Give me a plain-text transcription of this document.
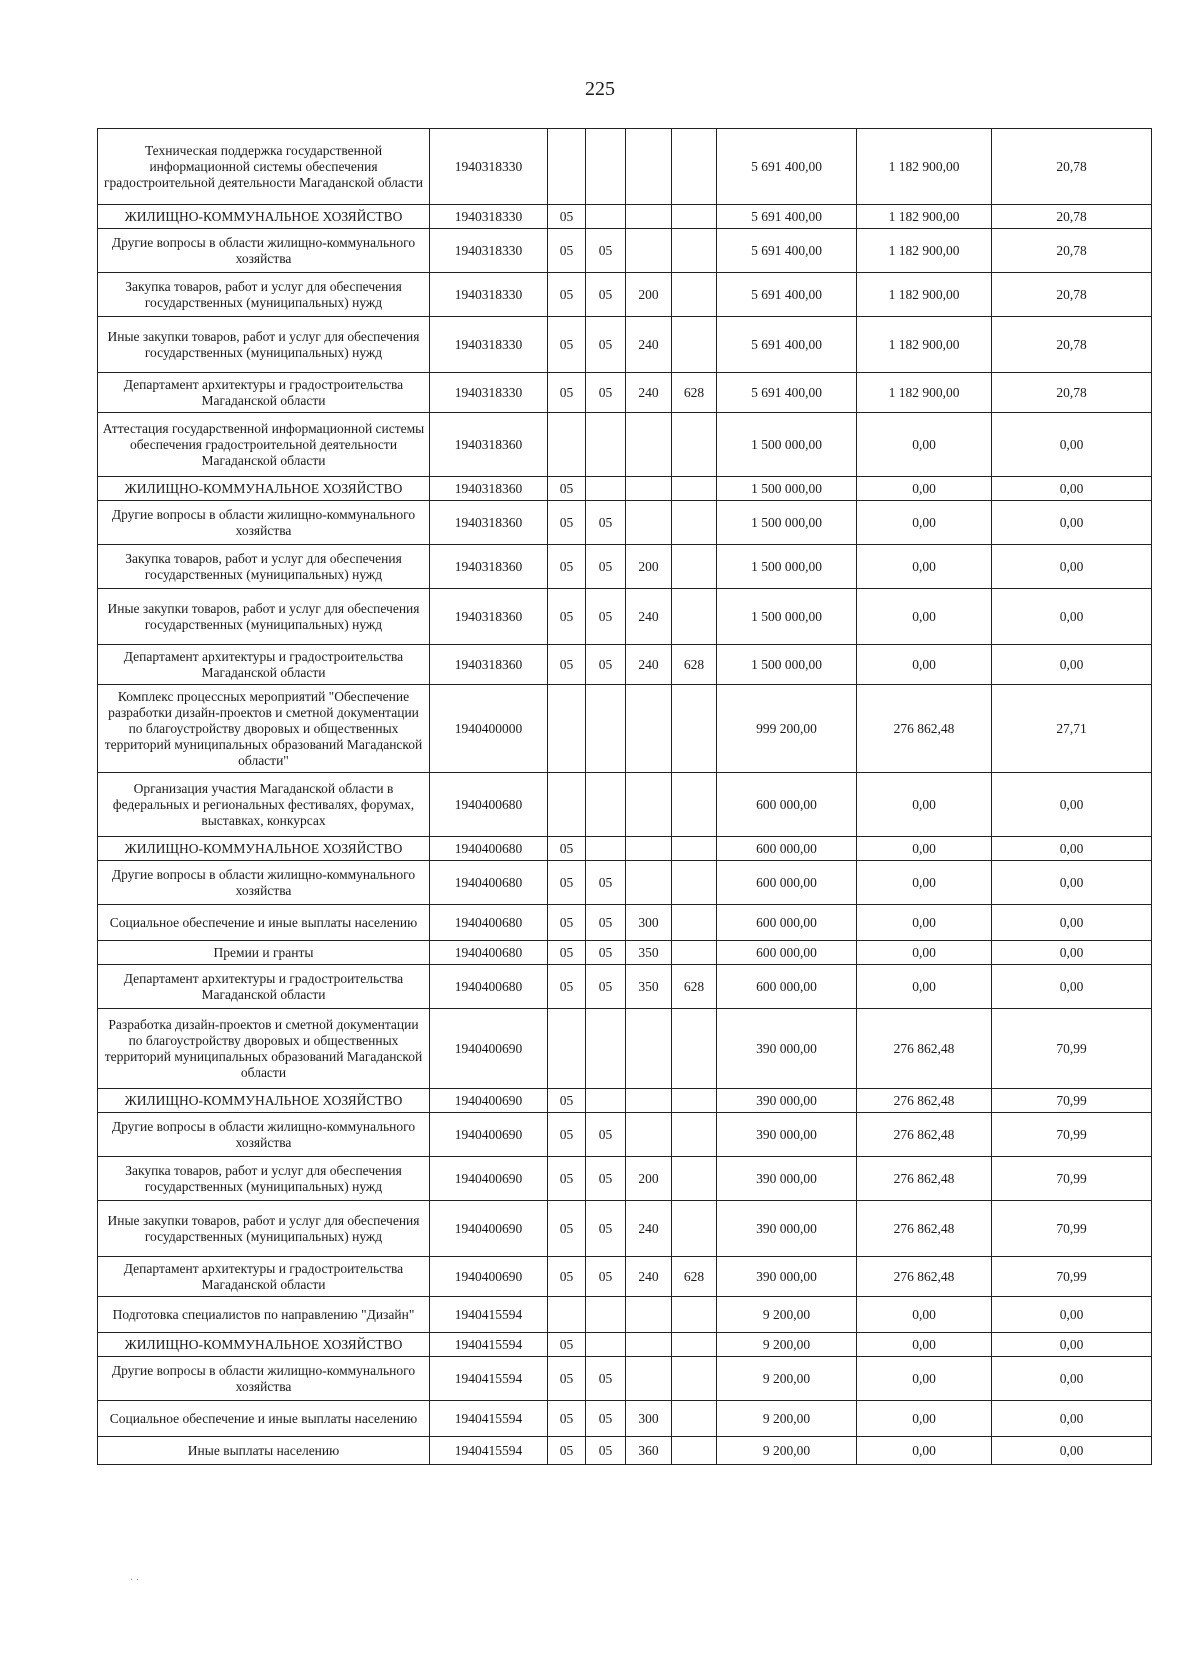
225
Техническая поддержка государственной информационной системы обеспечения градостроительной деятельности Магаданской области	1940318330					5 691 400,00	1 182 900,00	20,78
ЖИЛИЩНО-КОММУНАЛЬНОЕ ХОЗЯЙСТВО	1940318330	05				5 691 400,00	1 182 900,00	20,78
Другие вопросы в области жилищно-коммунального хозяйства	1940318330	05	05			5 691 400,00	1 182 900,00	20,78
Закупка товаров, работ и услуг для обеспечения государственных (муниципальных) нужд	1940318330	05	05	200		5 691 400,00	1 182 900,00	20,78
Иные закупки товаров, работ и услуг для обеспечения государственных (муниципальных) нужд	1940318330	05	05	240		5 691 400,00	1 182 900,00	20,78
Департамент архитектуры и градостроительства Магаданской области	1940318330	05	05	240	628	5 691 400,00	1 182 900,00	20,78
Аттестация государственной информационной системы обеспечения градостроительной деятельности Магаданской области	1940318360					1 500 000,00	0,00	0,00
ЖИЛИЩНО-КОММУНАЛЬНОЕ ХОЗЯЙСТВО	1940318360	05				1 500 000,00	0,00	0,00
Другие вопросы в области жилищно-коммунального хозяйства	1940318360	05	05			1 500 000,00	0,00	0,00
Закупка товаров, работ и услуг для обеспечения государственных (муниципальных) нужд	1940318360	05	05	200		1 500 000,00	0,00	0,00
Иные закупки товаров, работ и услуг для обеспечения государственных (муниципальных) нужд	1940318360	05	05	240		1 500 000,00	0,00	0,00
Департамент архитектуры и градостроительства Магаданской области	1940318360	05	05	240	628	1 500 000,00	0,00	0,00
Комплекс процессных мероприятий "Обеспечение разработки дизайн-проектов и сметной документации по благоустройству дворовых и общественных территорий муниципальных образований Магаданской области"	1940400000					999 200,00	276 862,48	27,71
Организация участия Магаданской области в федеральных и региональных фестивалях, форумах, выставках, конкурсах	1940400680					600 000,00	0,00	0,00
ЖИЛИЩНО-КОММУНАЛЬНОЕ ХОЗЯЙСТВО	1940400680	05				600 000,00	0,00	0,00
Другие вопросы в области жилищно-коммунального хозяйства	1940400680	05	05			600 000,00	0,00	0,00
Социальное обеспечение и иные выплаты населению	1940400680	05	05	300		600 000,00	0,00	0,00
Премии и гранты	1940400680	05	05	350		600 000,00	0,00	0,00
Департамент архитектуры и градостроительства Магаданской области	1940400680	05	05	350	628	600 000,00	0,00	0,00
Разработка дизайн-проектов и сметной документации по благоустройству дворовых и общественных территорий муниципальных образований Магаданской области	1940400690					390 000,00	276 862,48	70,99
ЖИЛИЩНО-КОММУНАЛЬНОЕ ХОЗЯЙСТВО	1940400690	05				390 000,00	276 862,48	70,99
Другие вопросы в области жилищно-коммунального хозяйства	1940400690	05	05			390 000,00	276 862,48	70,99
Закупка товаров, работ и услуг для обеспечения государственных (муниципальных) нужд	1940400690	05	05	200		390 000,00	276 862,48	70,99
Иные закупки товаров, работ и услуг для обеспечения государственных (муниципальных) нужд	1940400690	05	05	240		390 000,00	276 862,48	70,99
Департамент архитектуры и градостроительства Магаданской области	1940400690	05	05	240	628	390 000,00	276 862,48	70,99
Подготовка специалистов по направлению "Дизайн"	1940415594					9 200,00	0,00	0,00
ЖИЛИЩНО-КОММУНАЛЬНОЕ ХОЗЯЙСТВО	1940415594	05				9 200,00	0,00	0,00
Другие вопросы в области жилищно-коммунального хозяйства	1940415594	05	05			9 200,00	0,00	0,00
Социальное обеспечение и иные выплаты населению	1940415594	05	05	300		9 200,00	0,00	0,00
Иные выплаты населению	1940415594	05	05	360		9 200,00	0,00	0,00
· ·
